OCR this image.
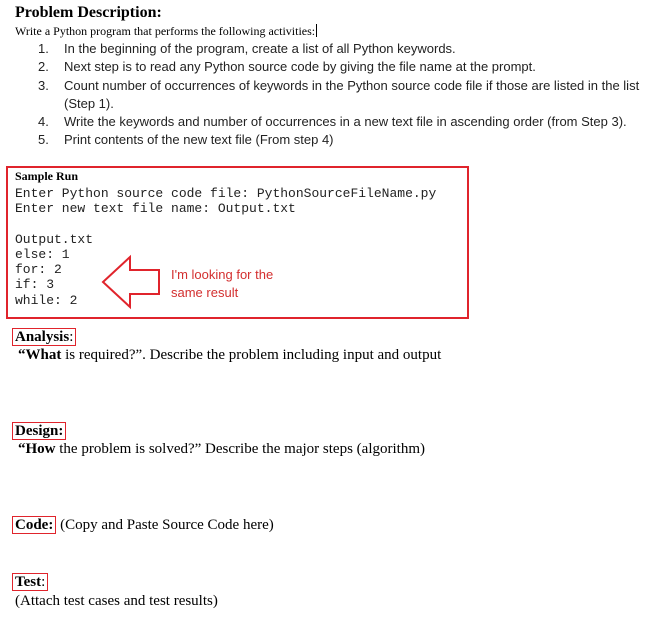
Problem Description:
Write a Python program that performs the following activities:
1. In the beginning of the program, create a list of all Python keywords.
2. Next step is to read any Python source code by giving the file name at the prompt.
3. Count number of occurrences of keywords in the Python source code file if those are listed in the list (Step 1).
4. Write the keywords and number of occurrences in a new text file in ascending order (from Step 3).
5. Print contents of the new text file (From step 4)
Sample Run
Enter Python source code file: PythonSourceFileName.py
Enter new text file name: Output.txt
Output.txt
else: 1
for: 2
if: 3
while: 2
I'm looking for the
same result
Analysis:
“What is required?”. Describe the problem including input and output
Design:
“How the problem is solved?” Describe the major steps (algorithm)
Code: (Copy and Paste Source Code here)
Test:
(Attach test cases and test results)
